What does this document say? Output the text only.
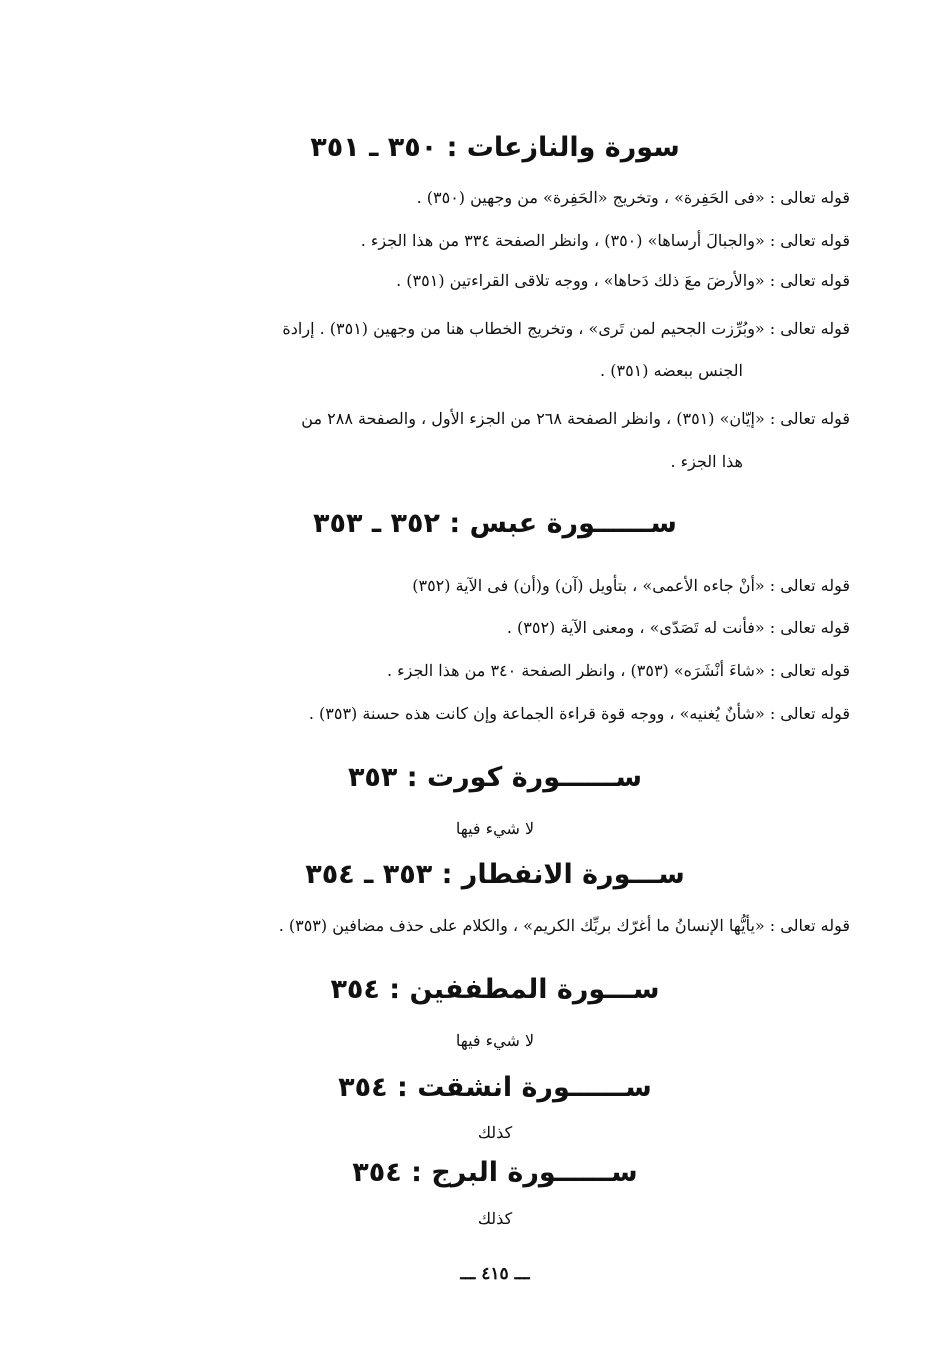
سورة والنازعات : ٣٥٠ ـ ٣٥١
قوله تعالى : «فى الحَفِرة» ، وتخريج «الحَفِرة» من وجهين (٣٥٠) .
قوله تعالى : «والجبالَ أرساها» (٣٥٠) ، وانظر الصفحة ٣٣٤ من هذا الجزء .
قوله تعالى : «والأرضَ معَ ذلك دَحاها» ، ووجه تلاقى القراءتين (٣٥١) .
قوله تعالى : «وبُرِّزت الجحيم لمن تَرى» ، وتخريج الخطاب هنا من وجهين (٣٥١) . إرادة
الجنس ببعضه (٣٥١) .
قوله تعالى : «إيّان» (٣٥١) ، وانظر الصفحة ٢٦٨ من الجزء الأول ، والصفحة ٢٨٨ من
هذا الجزء .
ســــــورة عبس : ٣٥٢ ـ ٣٥٣
قوله تعالى : «أنْ جاءه الأعمى» ، بتأويل (آن) و(أن) فى الآية (٣٥٢)
قوله تعالى : «فأنت له تَصَدّى» ، ومعنى الآية (٣٥٢) .
قوله تعالى : «شاءَ أنْشَرَه» (٣٥٣) ، وانظر الصفحة ٣٤٠ من هذا الجزء .
قوله تعالى : «شأنٌ يُغنيه» ، ووجه قوة قراءة الجماعة وإن كانت هذه حسنة (٣٥٣) .
ســــــورة كورت : ٣٥٣
لا شيء فيها
ســـورة الانفطار : ٣٥٣ ـ ٣٥٤
قوله تعالى : «يأيُّها الإنسانُ ما أغرّك بربِّك الكريم» ، والكلام على حذف مضافين (٣٥٣) .
ســـورة المطففين : ٣٥٤
لا شيء فيها
ســــــورة انشقت : ٣٥٤
كذلك
ســــــورة البرج : ٣٥٤
كذلك
ـــ ٤١٥ ـــ
